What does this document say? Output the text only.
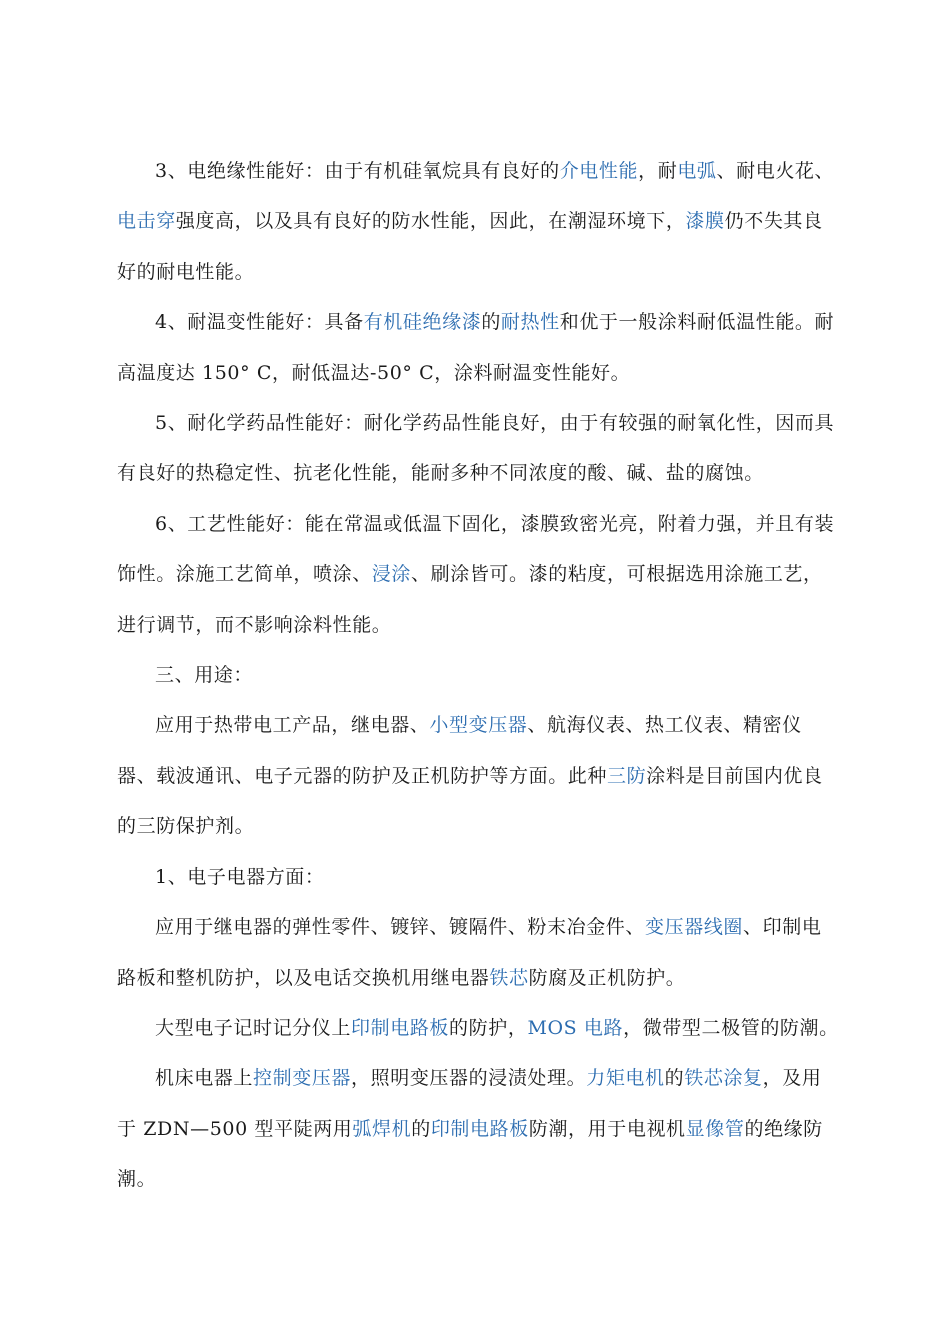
3、电绝缘性能好：由于有机硅氧烷具有良好的介电性能，耐电弧、耐电火花、电击穿强度高，以及具有良好的防水性能，因此，在潮湿环境下，漆膜仍不失其良好的耐电性能。

4、耐温变性能好：具备有机硅绝缘漆的耐热性和优于一般涂料耐低温性能。耐高温度达 150° C，耐低温达-50° C，涂料耐温变性能好。

5、耐化学药品性能好：耐化学药品性能良好，由于有较强的耐氧化性，因而具有良好的热稳定性、抗老化性能，能耐多种不同浓度的酸、碱、盐的腐蚀。

6、工艺性能好：能在常温或低温下固化，漆膜致密光亮，附着力强，并且有装饰性。涂施工艺简单，喷涂、浸涂、刷涂皆可。漆的粘度，可根据选用涂施工艺，进行调节，而不影响涂料性能。

三、用途：

应用于热带电工产品，继电器、小型变压器、航海仪表、热工仪表、精密仪器、载波通讯、电子元器的防护及正机防护等方面。此种三防涂料是目前国内优良的三防保护剂。

1、电子电器方面：

应用于继电器的弹性零件、镀锌、镀隔件、粉末冶金件、变压器线圈、印制电路板和整机防护，以及电话交换机用继电器铁芯防腐及正机防护。

大型电子记时记分仪上印制电路板的防护，MOS 电路，微带型二极管的防潮。

机床电器上控制变压器，照明变压器的浸渍处理。力矩电机的铁芯涂复，及用于 ZDN—500 型平陡两用弧焊机的印制电路板防潮，用于电视机显像管的绝缘防潮。
